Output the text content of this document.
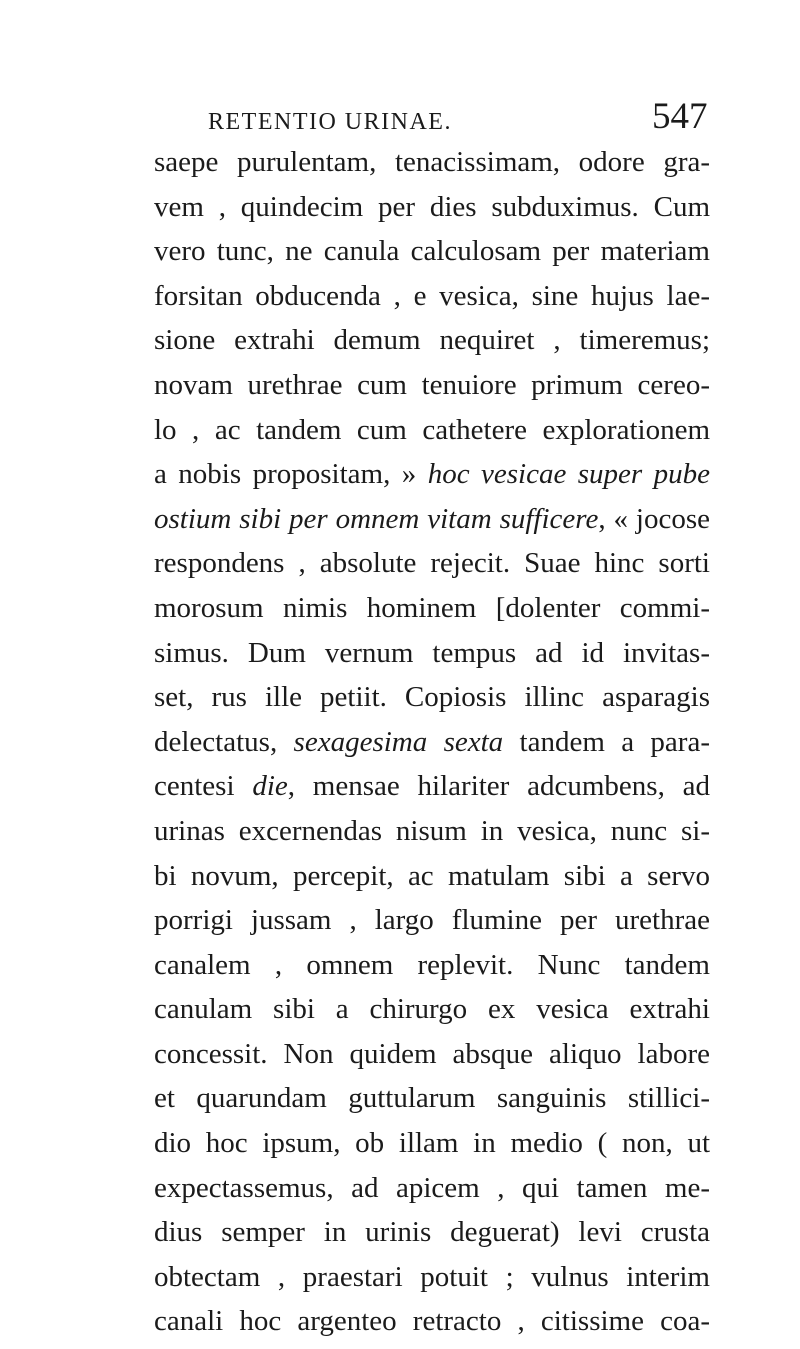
RETENTIO URINAE.	547
saepe purulentam, tenacissimam, odore gra-
vem , quindecim per dies subduximus. Cum
vero tunc, ne canula calculosam per materiam
forsitan obducenda , e vesica, sine hujus lae-
sione extrahi demum nequiret , timeremus;
novam urethrae cum tenuiore primum cereo-
lo , ac tandem cum cathetere explorationem
a nobis propositam, » hoc vesicae super pube
ostium sibi per omnem vitam sufficere, « jocose
respondens , absolute rejecit. Suae hinc sorti
morosum nimis hominem [dolenter commi-
simus. Dum vernum tempus ad id invitas-
set, rus ille petiit. Copiosis illinc asparagis
delectatus, sexagesima sexta tandem a para-
centesi die, mensae hilariter adcumbens, ad
urinas excernendas nisum in vesica, nunc si-
bi novum, percepit, ac matulam sibi a servo
porrigi jussam , largo flumine per urethrae
canalem , omnem replevit. Nunc tandem
canulam sibi a chirurgo ex vesica extrahi
concessit. Non quidem absque aliquo labore
et quarundam guttularum sanguinis stillici-
dio hoc ipsum, ob illam in medio ( non, ut
expectassemus, ad apicem , qui tamen me-
dius semper in urinis deguerat) levi crusta
obtectam , praestari potuit ; vulnus interim
canali hoc argenteo retracto , citissime coa-
